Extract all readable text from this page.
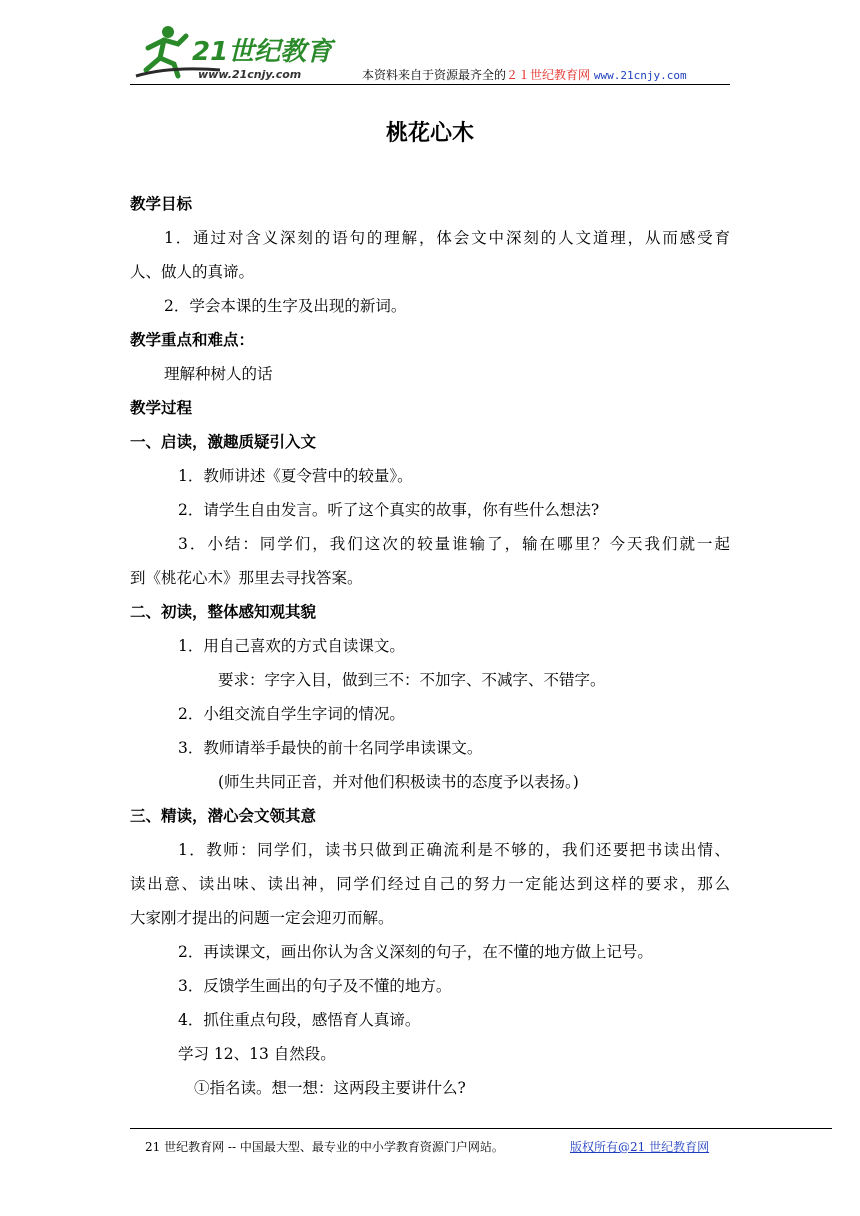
21世纪教育
www.21cnjy.com	本资料来自于资源最齐全的２１世纪教育网 www.21cnjy.com
桃花心木
教学目标
1．通过对含义深刻的语句的理解，体会文中深刻的人文道理，从而感受育
人、做人的真谛。
2．学会本课的生字及出现的新词。
教学重点和难点：
理解种树人的话
教学过程
一、启读，激趣质疑引入文
1．教师讲述《夏令营中的较量》。
2．请学生自由发言。听了这个真实的故事，你有些什么想法?
3．小结：同学们，我们这次的较量谁输了，输在哪里？今天我们就一起
到《桃花心木》那里去寻找答案。
二、初读，整体感知观其貌
1．用自己喜欢的方式自读课文。
要求：字字入目，做到三不：不加字、不减字、不错字。
2．小组交流自学生字词的情况。
3．教师请举手最快的前十名同学串读课文。
(师生共同正音，并对他们积极读书的态度予以表扬。)
三、精读，潜心会文领其意
1．教师：同学们，读书只做到正确流利是不够的，我们还要把书读出情、
读出意、读出味、读出神，同学们经过自己的努力一定能达到这样的要求，那么
大家刚才提出的问题一定会迎刃而解。
2．再读课文，画出你认为含义深刻的句子，在不懂的地方做上记号。
3．反馈学生画出的句子及不懂的地方。
4．抓住重点句段，感悟育人真谛。
学习 12、13 自然段。
①指名读。想一想：这两段主要讲什么?
21 世纪教育网 -- 中国最大型、最专业的中小学教育资源门户网站。	版权所有@21 世纪教育网
